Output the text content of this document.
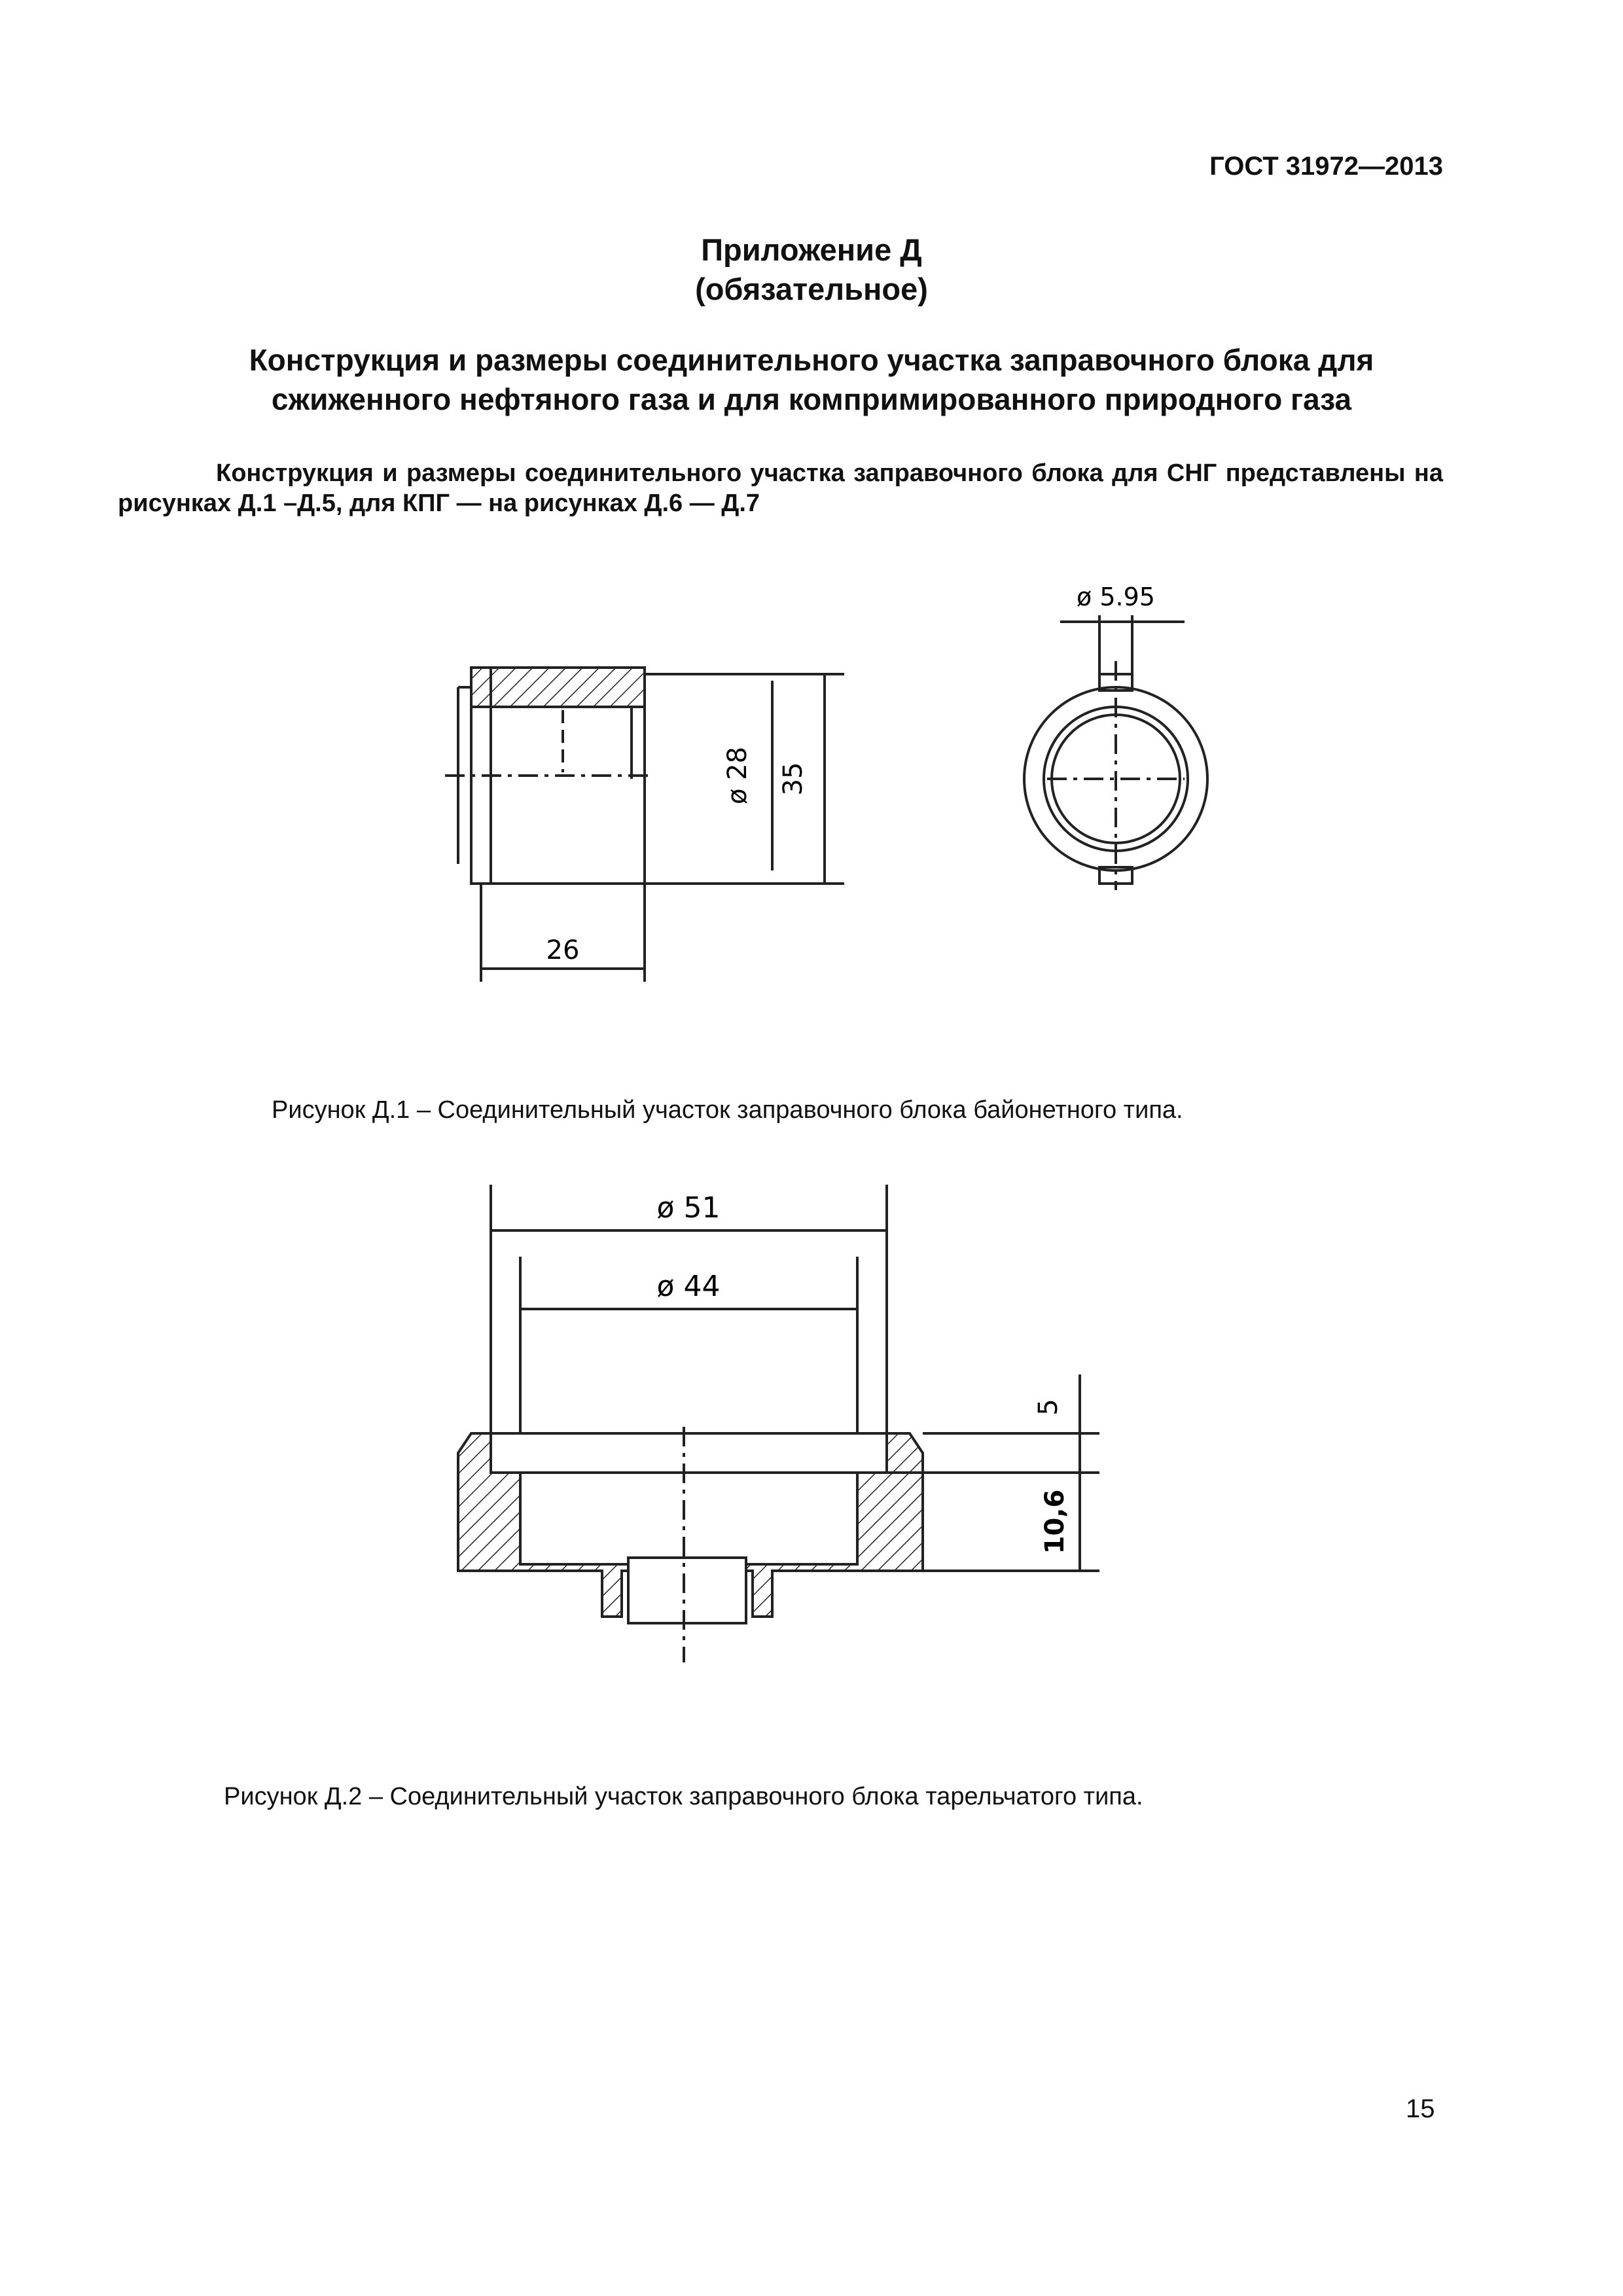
ГОСТ 31972—2013
Приложение Д
(обязательное)
Конструкция и размеры соединительного участка заправочного блока для
сжиженного нефтяного газа и для компримированного природного газа
Конструкция и размеры соединительного участка заправочного блока для СНГ представлены на рисунках Д.1 –Д.5, для КПГ — на рисунках Д.6 — Д.7
ø 28 35
26
ø 5.95
Рисунок Д.1 – Соединительный участок заправочного блока байонетного типа.
ø 51
ø 44
5
10,6
Рисунок Д.2 – Соединительный участок заправочного блока тарельчатого типа.
15
